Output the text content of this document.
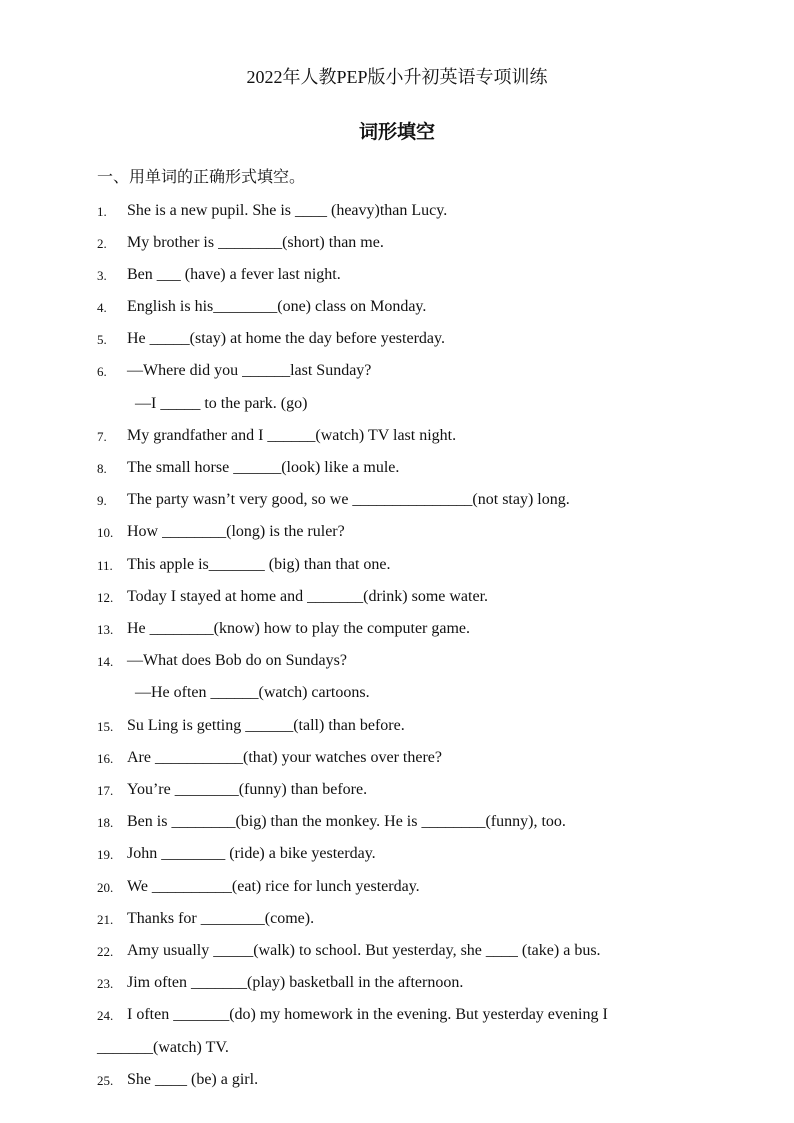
2022年人教PEP版小升初英语专项训练
词形填空
一、用单词的正确形式填空。
1.	She is a new pupil. She is ____ (heavy)than Lucy.
2.	My brother is ________(short) than me.
3.	Ben ___ (have) a fever last night.
4.	English is his________(one) class on Monday.
5.	He _____(stay) at home the day before yesterday.
6.	—Where did you ______last Sunday?
—I _____ to the park. (go)
7.	My grandfather and I ______(watch) TV last night.
8.	The small horse ______(look) like a mule.
9.	The party wasn’t very good, so we _______________(not stay) long.
10. How ________(long) is the ruler?
11. This apple is_______ (big) than that one.
12. Today I stayed at home and _______(drink) some water.
13. He ________(know) how to play the computer game.
14. —What does Bob do on Sundays?
—He often ______(watch) cartoons.
15. Su Ling is getting ______(tall) than before.
16. Are ___________(that) your watches over there?
17. You’re ________(funny) than before.
18. Ben is ________(big) than the monkey. He is ________(funny), too.
19. John ________ (ride) a bike yesterday.
20. We __________(eat) rice for lunch yesterday.
21. Thanks for ________(come).
22. Amy usually _____(walk) to school. But yesterday, she ____ (take) a bus.
23. Jim often _______(play) basketball in the afternoon.
24. I often _______(do) my homework in the evening. But yesterday evening I
_______(watch) TV.
25. She ____ (be) a girl.
